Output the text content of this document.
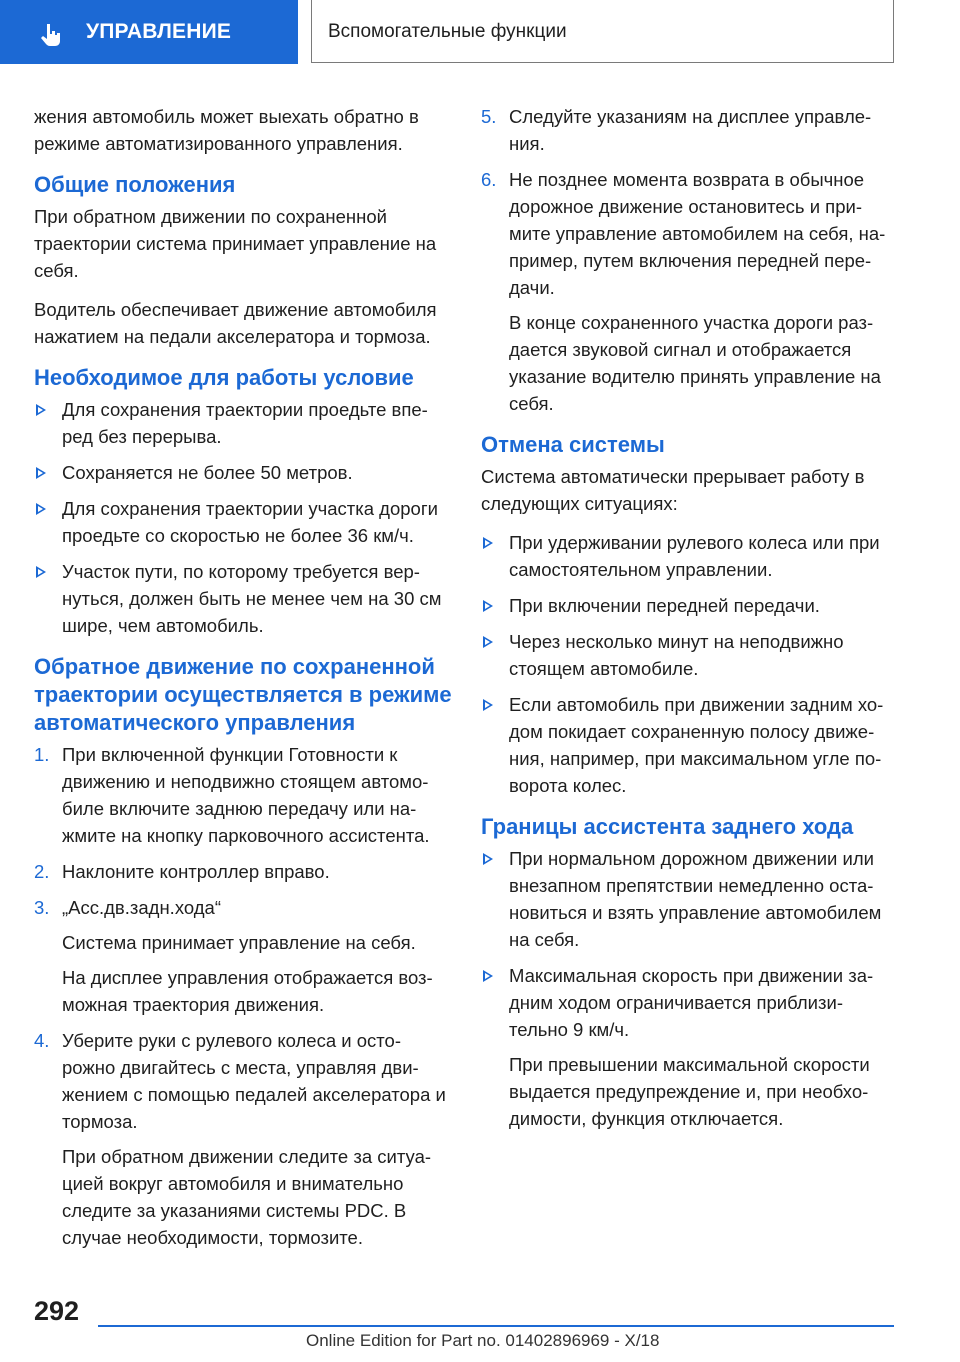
УПРАВЛЕНИЕ	Вспомогательные функции

жения автомобиль может выехать обратно в режиме автоматизированного управления.

Общие положения

При обратном движении по сохраненной траектории система принимает управление на себя.

Водитель обеспечивает движение автомобиля нажатием на педали акселератора и тормоза.

Необходимое для работы условие

Для сохранения траектории проедьте впе- ред без перерыва.

Сохраняется не более 50 метров.

Для сохранения траектории участка дороги проедьте со скоростью не более 36 км/ч.

Участок пути, по которому требуется вер- нуться, должен быть не менее чем на 30 см шире, чем автомобиль.

Обратное движение по сохраненной траектории осуществляется в режиме автоматического управления
1. При включенной функции Готовности к движению и неподвижно стоящем автомо- биле включите заднюю передачу или на- жмите на кнопку парковочного ассистента.

2. Наклоните контроллер вправо.

3. „Асс.дв.задн.хода“

Система принимает управление на себя.

На дисплее управления отображается воз- можная траектория движения.

4. Уберите руки с рулевого колеса и осто- рожно двигайтесь с места, управляя дви- жением с помощью педалей акселератора и тормоза.

При обратном движении следите за ситуа- цией вокруг автомобиля и внимательно следите за указаниями системы PDC. В случае необходимости, тормозите.

5. Следуйте указаниям на дисплее управле- ния.

6. Не позднее момента возврата в обычное дорожное движение остановитесь и при- мите управление автомобилем на себя, на- пример, путем включения передней пере- дачи.

В конце сохраненного участка дороги раз- дается звуковой сигнал и отображается указание водителю принять управление на себя.

Отмена системы

Система автоматически прерывает работу в следующих ситуациях:

При удерживании рулевого колеса или при самостоятельном управлении.

При включении передней передачи.

Через несколько минут на неподвижно стоящем автомобиле.

Если автомобиль при движении задним хо- дом покидает сохраненную полосу движе- ния, например, при максимальном угле по- ворота колес.

Границы ассистента заднего хода

При нормальном дорожном движении или внезапном препятствии немедленно оста- новиться и взять управление автомобилем на себя.

Максимальная скорость при движении за- дним ходом ограничивается приблизи- тельно 9 км/ч.

При превышении максимальной скорости выдается предупреждение и, при необхо- димости, функция отключается.

292
Online Edition for Part no. 01402896969 - X/18
